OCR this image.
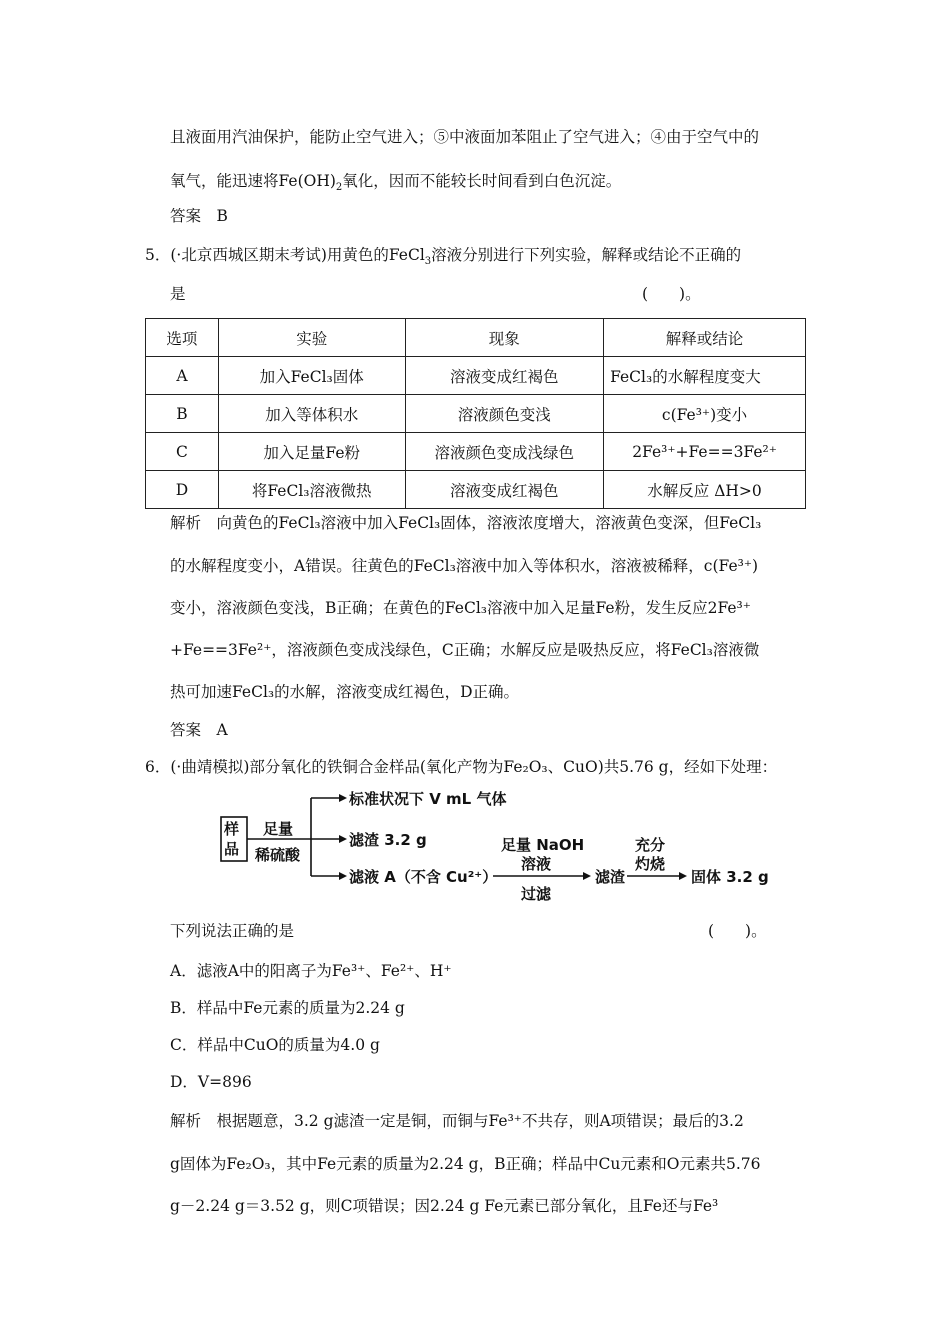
且液面用汽油保护，能防止空气进入；⑤中液面加苯阻止了空气进入；④由于空气中的
氧气，能迅速将$Fe(OH)_2$氧化，因而不能较长时间看到白色沉淀。
答案　B
5．(·北京西城区期末考试)用黄色的FeCl$_3$溶液分别进行下列实验，解释或结论不正确的
是	(　　)。
选项	实验	现象	解释或结论
A	加入FeCl₃固体	溶液变成红褐色	FeCl₃的水解程度变大
B	加入等体积水	溶液颜色变浅	c(Fe³⁺)变小
C	加入足量Fe粉	溶液颜色变成浅绿色	2Fe³⁺+Fe==3Fe²⁺
D	将FeCl₃溶液微热	溶液变成红褐色	水解反应 ΔH>0
解析　向黄色的FeCl₃溶液中加入FeCl₃固体，溶液浓度增大，溶液黄色变深，但FeCl₃
的水解程度变小，A错误。往黄色的FeCl₃溶液中加入等体积水，溶液被稀释，c(Fe³⁺)
变小，溶液颜色变浅，B正确；在黄色的FeCl₃溶液中加入足量Fe粉，发生反应2Fe³⁺
+Fe==3Fe²⁺，溶液颜色变成浅绿色，C正确；水解反应是吸热反应，将FeCl₃溶液微
热可加速FeCl₃的水解，溶液变成红褐色，D正确。
答案　A
6．(·曲靖模拟)部分氧化的铁铜合金样品(氧化产物为Fe₂O₃、CuO)共5.76 g，经如下处理：
样品
足量
稀硫酸
标准状况下 V mL 气体
滤渣 3.2 g
滤液 A（不含 Cu²⁺）
足量 NaOH
溶液
过滤
滤渣
充分
灼烧
固体 3.2 g
下列说法正确的是	(　　)。
A．滤液A中的阳离子为Fe³⁺、Fe²⁺、H⁺
B．样品中Fe元素的质量为2.24 g
C．样品中CuO的质量为4.0 g
D．V=896
解析　根据题意，3.2 g滤渣一定是铜，而铜与Fe³⁺不共存，则A项错误；最后的3.2
g固体为Fe₂O₃，其中Fe元素的质量为2.24 g，B正确；样品中Cu元素和O元素共5.76
g－2.24 g＝3.52 g，则C项错误；因2.24 g Fe元素已部分氧化，且Fe还与Fe³
